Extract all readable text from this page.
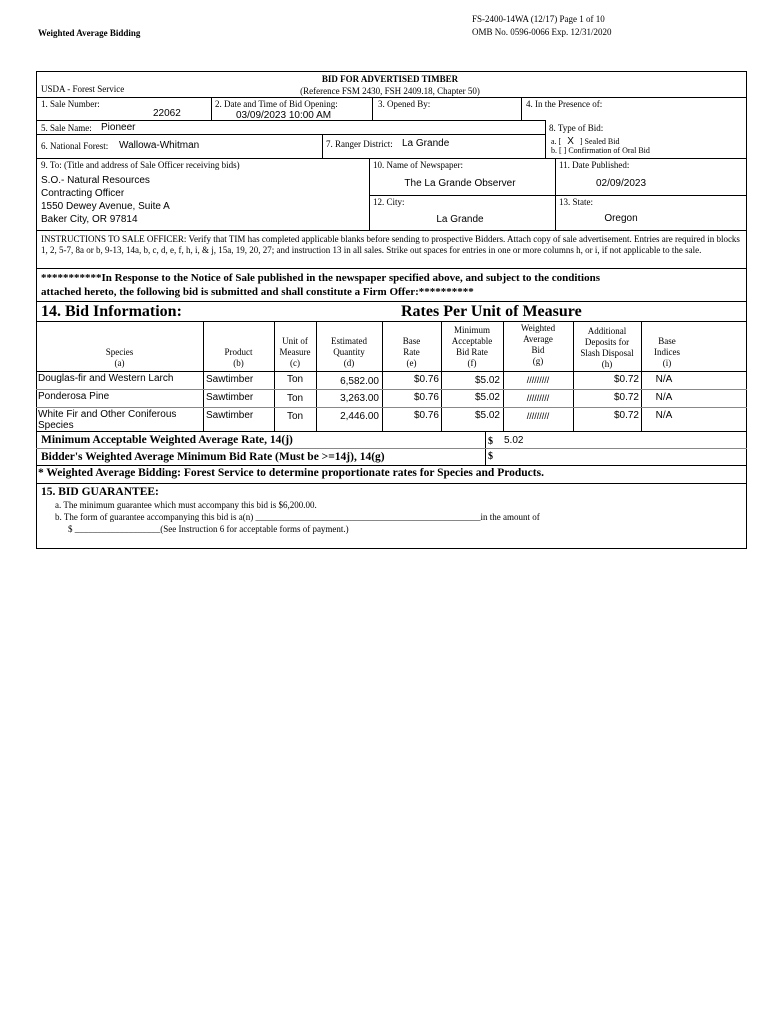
Weighted Average Bidding
FS-2400-14WA (12/17) Page 1 of 10
OMB No. 0596-0066 Exp. 12/31/2020
USDA - Forest Service
BID FOR ADVERTISED TIMBER
(Reference FSM 2430, FSH 2409.18, Chapter 50)
1. Sale Number:
22062
2. Date and Time of Bid Opening:
03/09/2023 10:00 AM
3. Opened By:	4. In the Presence of:
5. Sale Name: Pioneer	8. Type of Bid:
a. [ X ] Sealed Bid
b. [ ] Confirmation of Oral Bid
6. National Forest: Wallowa-Whitman	7. Ranger District: La Grande
9. To: (Title and address of Sale Officer receiving bids)
S.O.- Natural Resources
Contracting Officer
1550 Dewey Avenue, Suite A
Baker City, OR 97814
10. Name of Newspaper:
The La Grande Observer
11. Date Published:
02/09/2023
12. City:
La Grande
13. State:
Oregon
INSTRUCTIONS TO SALE OFFICER: Verify that TIM has completed applicable blanks before sending to prospective Bidders. Attach copy of sale advertisement. Entries are required in blocks 1, 2, 5-7, 8a or b, 9-13, 14a, b, c, d, e, f, h, i, & j, 15a, 19, 20, 27; and instruction 13 in all sales. Strike out spaces for entries in one or more columns h, or i, if not applicable to the sale.
***********In Response to the Notice of Sale published in the newspaper specified above, and subject to the conditions
attached hereto, the following bid is submitted and shall constitute a Firm Offer:**********
14. Bid Information:	Rates Per Unit of Measure
Species
(a)
Product
(b)
Unit of
Measure
(c)
Estimated
Quantity
(d)
Base
Rate
(e)
Minimum
Acceptable
Bid Rate
(f)
Weighted
Average
Bid
(g)
Additional
Deposits for
Slash Disposal
(h)
Base
Indices
(i)
Douglas-fir and Western Larch	Sawtimber	Ton	6,582.00	$0.76	$5.02	/////////	$0.72	N/A
Ponderosa Pine	Sawtimber	Ton	3,263.00	$0.76	$5.02	/////////	$0.72	N/A
White Fir and Other Coniferous Species
Sawtimber	Ton	2,446.00	$0.76	$5.02	/////////	$0.72	N/A
Minimum Acceptable Weighted Average Rate, 14(j)	$ 5.02
Bidder's Weighted Average Minimum Bid Rate (Must be >=14j), 14(g)	$
* Weighted Average Bidding: Forest Service to determine proportionate rates for Species and Products.
15. BID GUARANTEE:
a. The minimum guarantee which must accompany this bid is $6,200.00.
b. The form of guarantee accompanying this bid is a(n) __________________________________________________in the amount of
$ ___________________(See Instruction 6 for acceptable forms of payment.)
